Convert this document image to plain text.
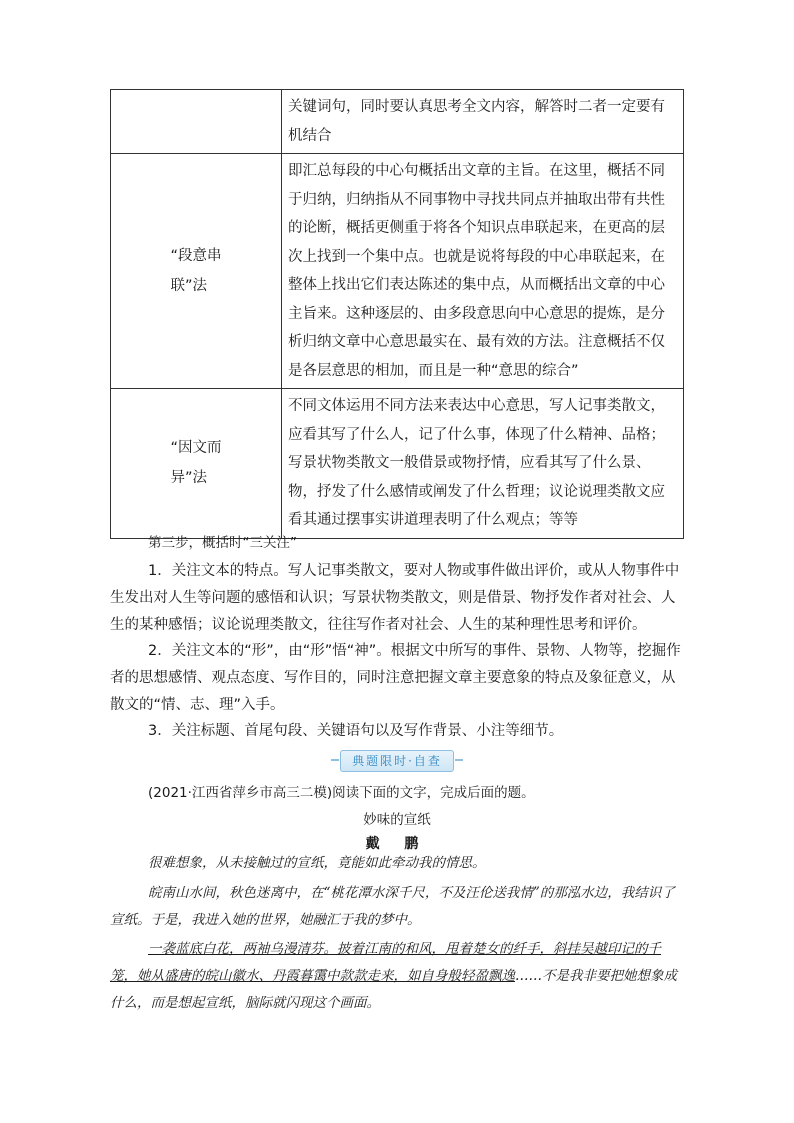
	关键词句，同时要认真思考全文内容，解答时二者一定要有机结合
“段意串
联”法	即汇总每段的中心句概括出文章的主旨。在这里，概括不同于归纳，归纳指从不同事物中寻找共同点并抽取出带有共性的论断，概括更侧重于将各个知识点串联起来，在更高的层次上找到一个集中点。也就是说将每段的中心串联起来，在整体上找出它们表达陈述的集中点，从而概括出文章的中心主旨来。这种逐层的、由多段意思向中心意思的提炼，是分析归纳文章中心意思最实在、最有效的方法。注意概括不仅是各层意思的相加，而且是一种“意思的综合”
“因文而
异”法	不同文体运用不同方法来表达中心意思，写人记事类散文，应看其写了什么人，记了什么事，体现了什么精神、品格；写景状物类散文一般借景或物抒情，应看其写了什么景、物，抒发了什么感情或阐发了什么哲理；议论说理类散文应看其通过摆事实讲道理表明了什么观点；等等
第三步，概括时“三关注”
1．关注文本的特点。写人记事类散文，要对人物或事件做出评价，或从人物事件中生发出对人生等问题的感悟和认识；写景状物类散文，则是借景、物抒发作者对社会、人生的某种感悟；议论说理类散文，往往写作者对社会、人生的某种理性思考和评价。
2．关注文本的“形”，由“形”悟“神”。根据文中所写的事件、景物、人物等，挖掘作者的思想感情、观点态度、写作目的，同时注意把握文章主要意象的特点及象征意义，从散文的“情、志、理”入手。
3．关注标题、首尾句段、关键语句以及写作背景、小注等细节。
典题限时·自查
(2021·江西省萍乡市高三二模)阅读下面的文字，完成后面的题。
妙味的宣纸
戴 鹏
很难想象，从未接触过的宣纸，竟能如此牵动我的情思。
皖南山水间，秋色迷离中，在“桃花潭水深千尺，不及汪伦送我情”的那泓水边，我结识了宣纸。于是，我进入她的世界，她融汇于我的梦中。
一袭蓝底白花，两袖乌漫清芬。披着江南的和风，甩着楚女的纤手，斜挂吴越印记的千笼，她从盛唐的皖山徽水、丹霞暮霭中款款走来，如自身般轻盈飘逸……不是我非要把她想象成什么，而是想起宣纸，脑际就闪现这个画面。
